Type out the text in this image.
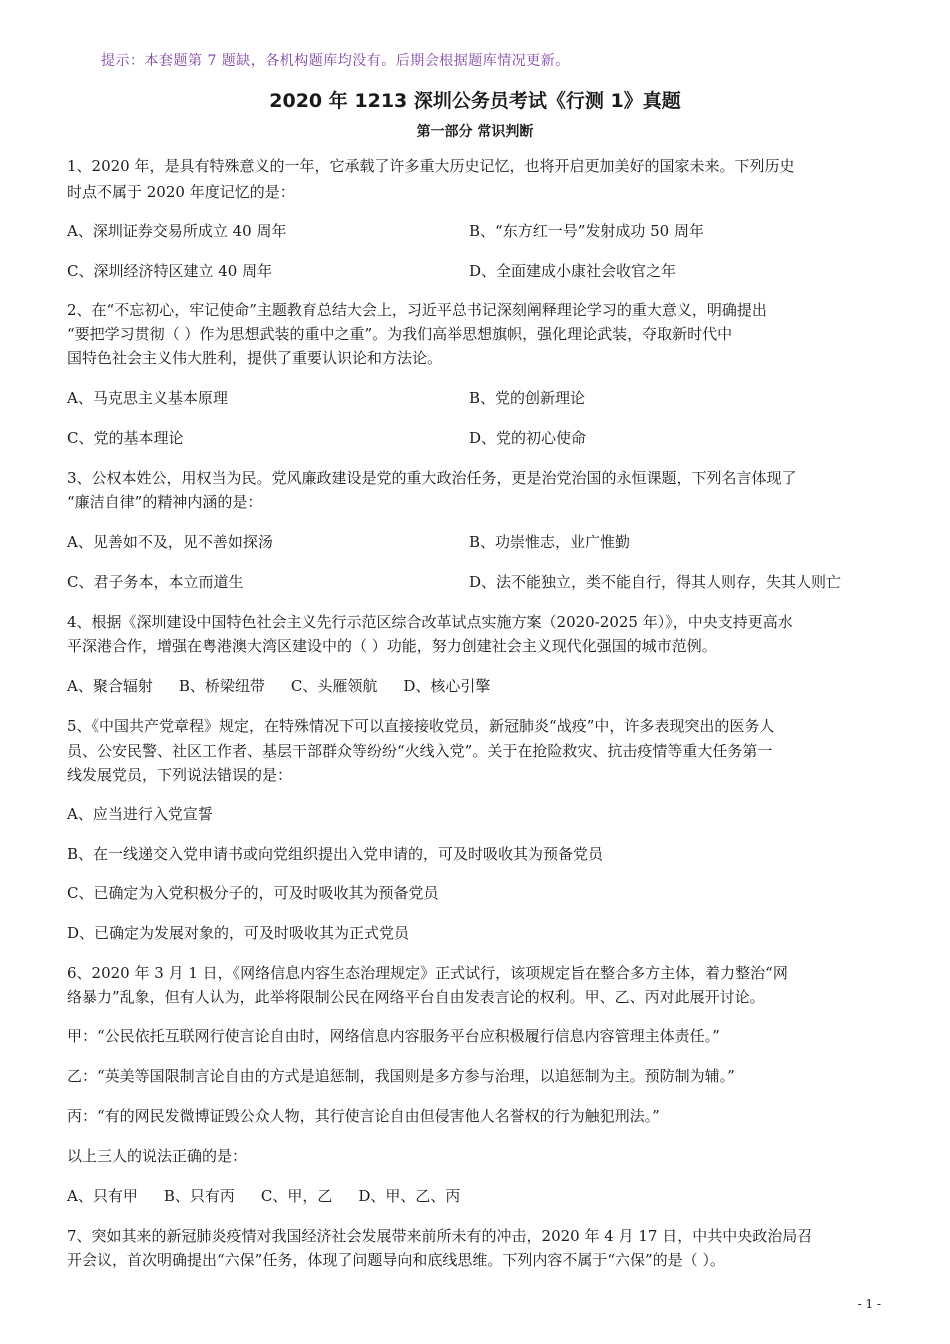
提示：本套题第 7 题缺，各机构题库均没有。后期会根据题库情况更新。
2020 年 1213 深圳公务员考试《行测 1》真题
第一部分 常识判断
1、2020 年，是具有特殊意义的一年，它承载了许多重大历史记忆，也将开启更加美好的国家未来。下列历史
时点不属于 2020 年度记忆的是：
A、深圳证券交易所成立 40 周年	B、“东方红一号”发射成功 50 周年
C、深圳经济特区建立 40 周年	D、全面建成小康社会收官之年
2、在“不忘初心，牢记使命”主题教育总结大会上，习近平总书记深刻阐释理论学习的重大意义，明确提出
“要把学习贯彻（ ）作为思想武装的重中之重”。为我们高举思想旗帜，强化理论武装，夺取新时代中
国特色社会主义伟大胜利，提供了重要认识论和方法论。
A、马克思主义基本原理	B、党的创新理论
C、党的基本理论	D、党的初心使命
3、公权本姓公，用权当为民。党风廉政建设是党的重大政治任务，更是治党治国的永恒课题，下列名言体现了
“廉洁自律”的精神内涵的是：
A、见善如不及，见不善如探汤	B、功崇惟志，业广惟勤
C、君子务本，本立而道生	D、法不能独立，类不能自行，得其人则存，失其人则亡
4、根据《深圳建设中国特色社会主义先行示范区综合改革试点实施方案（2020-2025 年）》，中央支持更高水
平深港合作，增强在粤港澳大湾区建设中的（ ）功能，努力创建社会主义现代化强国的城市范例。
A、聚合辐射 B、桥梁纽带 C、头雁领航 D、核心引擎
5、《中国共产党章程》规定，在特殊情况下可以直接接收党员，新冠肺炎“战疫”中，许多表现突出的医务人
员、公安民警、社区工作者、基层干部群众等纷纷“火线入党”。关于在抢险救灾、抗击疫情等重大任务第一
线发展党员，下列说法错误的是：
A、应当进行入党宣誓
B、在一线递交入党申请书或向党组织提出入党申请的，可及时吸收其为预备党员
C、已确定为入党积极分子的，可及时吸收其为预备党员
D、已确定为发展对象的，可及时吸收其为正式党员
6、2020 年 3 月 1 日，《网络信息内容生态治理规定》正式试行，该项规定旨在整合多方主体，着力整治“网
络暴力”乱象，但有人认为，此举将限制公民在网络平台自由发表言论的权利。甲、乙、丙对此展开讨论。
甲：“公民依托互联网行使言论自由时，网络信息内容服务平台应积极履行信息内容管理主体责任。”
乙：“英美等国限制言论自由的方式是追惩制，我国则是多方参与治理，以追惩制为主。预防制为辅。”
丙：“有的网民发微博证毁公众人物，其行使言论自由但侵害他人名誉权的行为触犯刑法。”
以上三人的说法正确的是：
A、只有甲 B、只有丙 C、甲，乙 D、甲、乙、丙
7、突如其来的新冠肺炎疫情对我国经济社会发展带来前所未有的冲击，2020 年 4 月 17 日，中共中央政治局召
开会议，首次明确提出“六保”任务，体现了问题导向和底线思维。下列内容不属于“六保”的是（ ）。
- 1 -
